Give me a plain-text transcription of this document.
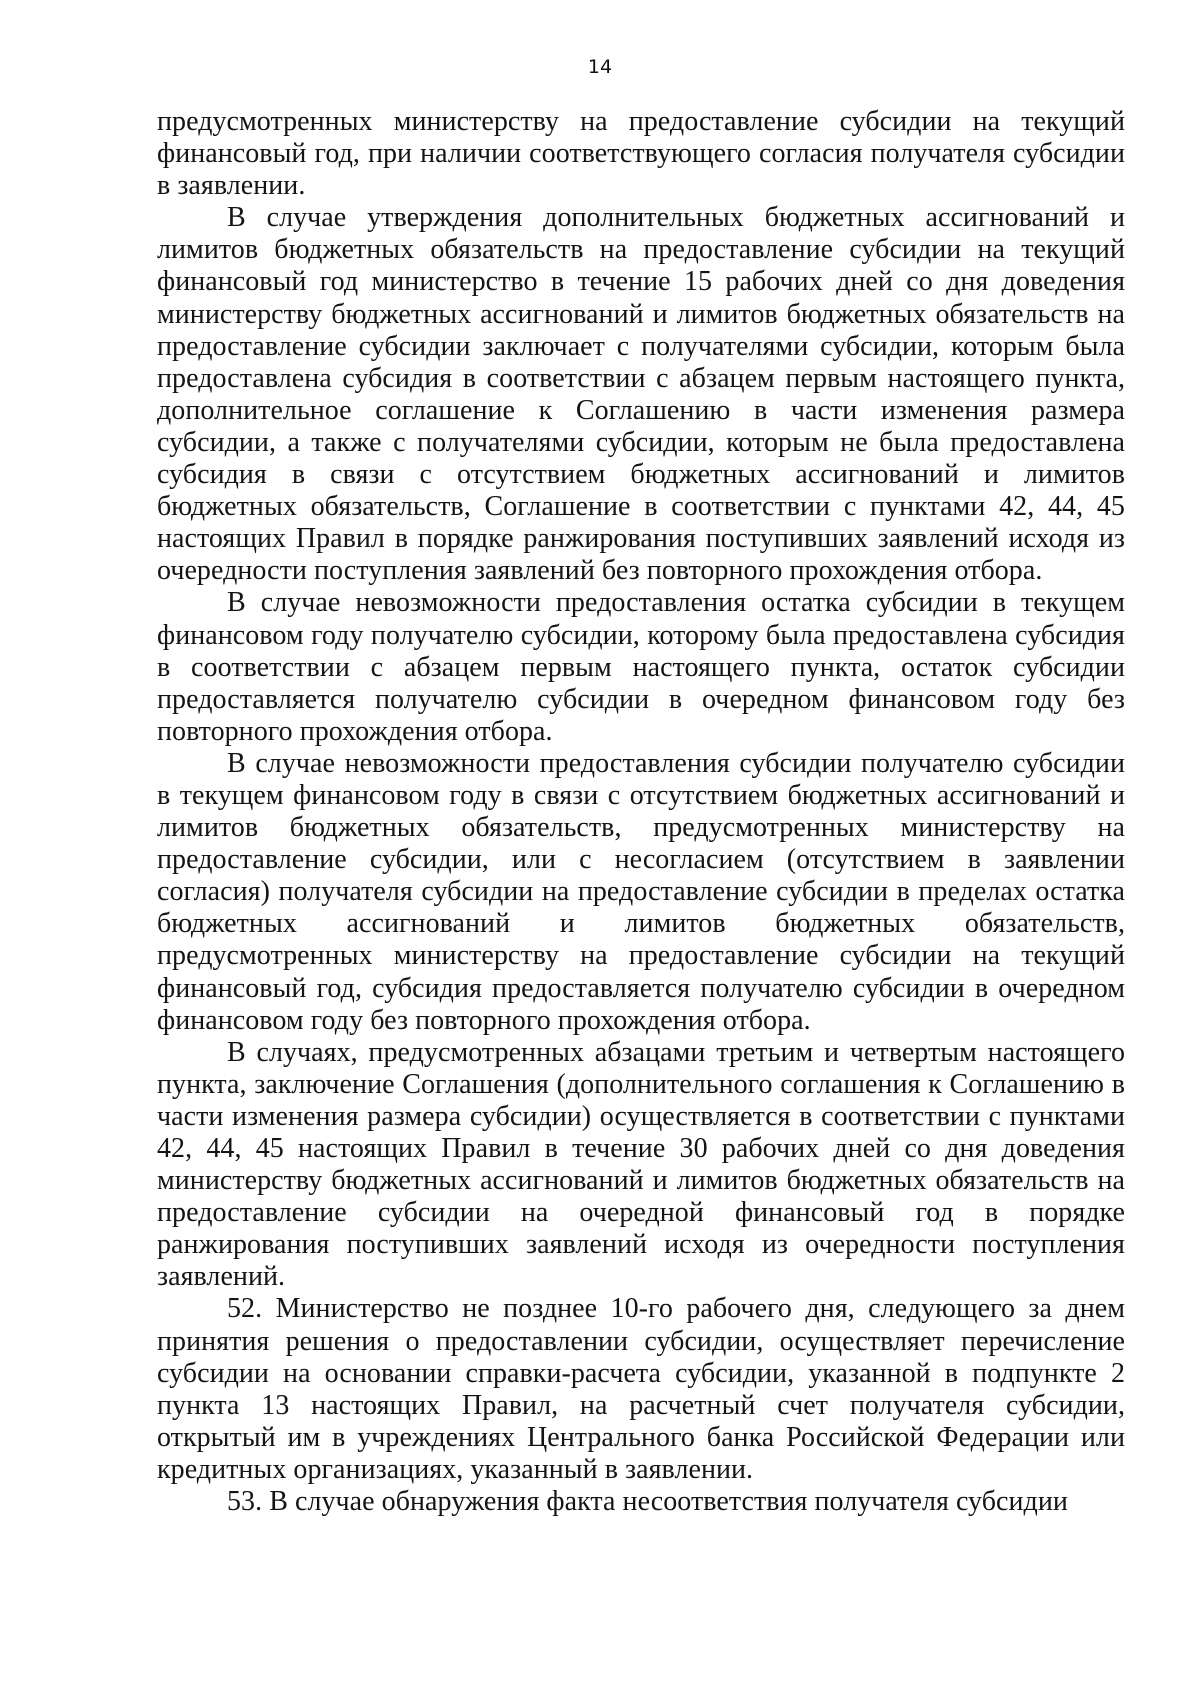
14

предусмотренных министерству на предоставление субсидии на текущий финансовый год, при наличии соответствующего согласия получателя субсидии в заявлении.

В случае утверждения дополнительных бюджетных ассигнований и лимитов бюджетных обязательств на предоставление субсидии на текущий финансовый год министерство в течение 15 рабочих дней со дня доведения министерству бюджетных ассигнований и лимитов бюджетных обязательств на предоставление субсидии заключает с получателями субсидии, которым была предоставлена субсидия в соответствии с абзацем первым настоящего пункта, дополнительное соглашение к Соглашению в части изменения размера субсидии, а также с получателями субсидии, которым не была предоставлена субсидия в связи с отсутствием бюджетных ассигнований и лимитов бюджетных обязательств, Соглашение в соответствии с пунктами 42, 44, 45 настоящих Правил в порядке ранжирования поступивших заявлений исходя из очередности поступления заявлений без повторного прохождения отбора.

В случае невозможности предоставления остатка субсидии в текущем финансовом году получателю субсидии, которому была предоставлена субсидия в соответствии с абзацем первым настоящего пункта, остаток субсидии предоставляется получателю субсидии в очередном финансовом году без повторного прохождения отбора.

В случае невозможности предоставления субсидии получателю субсидии в текущем финансовом году в связи с отсутствием бюджетных ассигнований и лимитов бюджетных обязательств, предусмотренных министерству на предоставление субсидии, или с несогласием (отсутствием в заявлении согласия) получателя субсидии на предоставление субсидии в пределах остатка бюджетных ассигнований и лимитов бюджетных обязательств, предусмотренных министерству на предоставление субсидии на текущий финансовый год, субсидия предоставляется получателю субсидии в очередном финансовом году без повторного прохождения отбора.

В случаях, предусмотренных абзацами третьим и четвертым настоящего пункта, заключение Соглашения (дополнительного соглашения к Соглашению в части изменения размера субсидии) осуществляется в соответствии с пунктами 42, 44, 45 настоящих Правил в течение 30 рабочих дней со дня доведения министерству бюджетных ассигнований и лимитов бюджетных обязательств на предоставление субсидии на очередной финансовый год в порядке ранжирования поступивших заявлений исходя из очередности поступления заявлений.

52. Министерство не позднее 10-го рабочего дня, следующего за днем принятия решения о предоставлении субсидии, осуществляет перечисление субсидии на основании справки-расчета субсидии, указанной в подпункте 2 пункта 13 настоящих Правил, на расчетный счет получателя субсидии, открытый им в учреждениях Центрального банка Российской Федерации или кредитных организациях, указанный в заявлении.

53. В случае обнаружения факта несоответствия получателя субсидии
